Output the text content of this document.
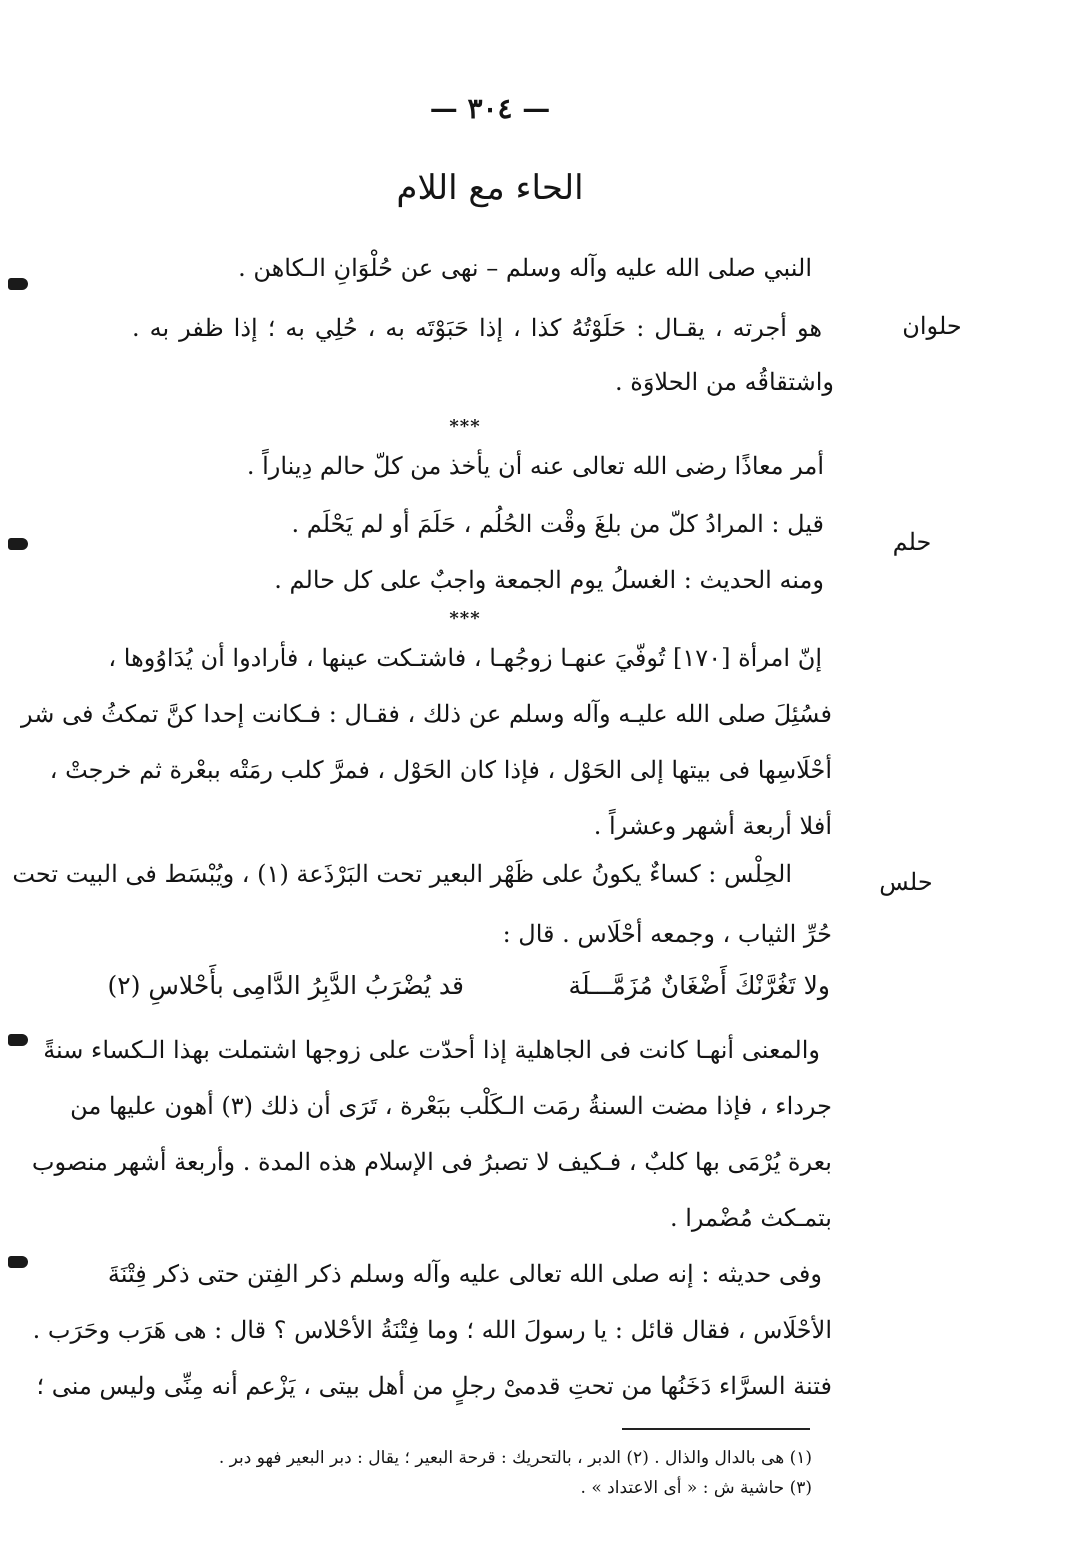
— ٣٠٤ —
الحاء مع اللام
النبي صلى الله عليه وآله وسلم – نهى عن حُلْوَانِ الـكاهن .
حلوان
هو أجرته ، يقـال : حَلَوْتُهُ كذا ، إذا حَبَوْتَه به ، حُلِي به ؛ إذا ظفر به .
واشتقاقُه من الحلاوَة .
***
أمر معاذًا رضى الله تعالى عنه أن يأخذ من كلّ حالم دِيناراً .
قيل : المرادُ كلّ من بلغَ وقْت الحُلُم ، حَلَمَ أو لم يَحْلَم .
حلم
ومنه الحديث : الغسلُ يوم الجمعة واجبٌ على كل حالم .
***
إنّ امرأة [١٧٠] تُوفّيَ عنهـا زوجُهـا ، فاشتـكت عينها ، فأرادوا أن يُدَاوُوها ،
فسُئِلَ صلى الله عليـه وآله وسلم عن ذلك ، فقـال : فـكانت إحدا كنَّ تمكثُ فى شر
أحْلَاسِها فى بيتها إلى الحَوْل ، فإذا كان الحَوْل ، فمرَّ كلب رمَتْه ببعْرة ثم خرجتْ ،
أفلا أربعة أشهر وعشراً .
حلس
الحِلْس : كساءٌ يكونُ على ظَهْر البعير تحت البَرْذَعة (١) ، ويُبْسَط فى البيت تحت
حُرِّ الثياب ، وجمعه أحْلَاس . قال :
ولا تَغُرَّنْكَ أَضْغَانٌ مُزَمَّـــلَة
قد يُضْرَبُ الدَّبِرُ الدَّامِى بأَحْلاسِ (٢)
والمعنى أنهـا كانت فى الجاهلية إذا أحدّت على زوجها اشتملت بهذا الـكساء سنةً
جرداء ، فإذا مضت السنةُ رمَت الـكَلْب ببَعْرة ، تَرَى أن ذلك (٣) أهون عليها من
بعرة يُرْمَى بها كلبٌ ، فـكيف لا تصبرُ فى الإسلام هذه المدة . وأربعة أشهر منصوب
بتمـكث مُضْمرا .
وفى حديثه : إنه صلى الله تعالى عليه وآله وسلم ذكر الفِتن حتى ذكر فِتْنَةَ
الأحْلَاس ، فقال قائل : يا رسولَ الله ؛ وما فِتْنَةُ الأحْلاس ؟ قال : هى هَرَب وحَرَب .
فتنة السرَّاء دَخَنُها من تحتِ قدمىْ رجلٍ من أهل بيتى ، يَزْعم أنه مِنِّى وليس منى ؛
(١) هى بالدال والذال . (٢) الدبر ، بالتحريك : قرحة البعير ؛ يقال : دبر البعير فهو دبر .
(٣) حاشية ش : « أى الاعتداد » .
